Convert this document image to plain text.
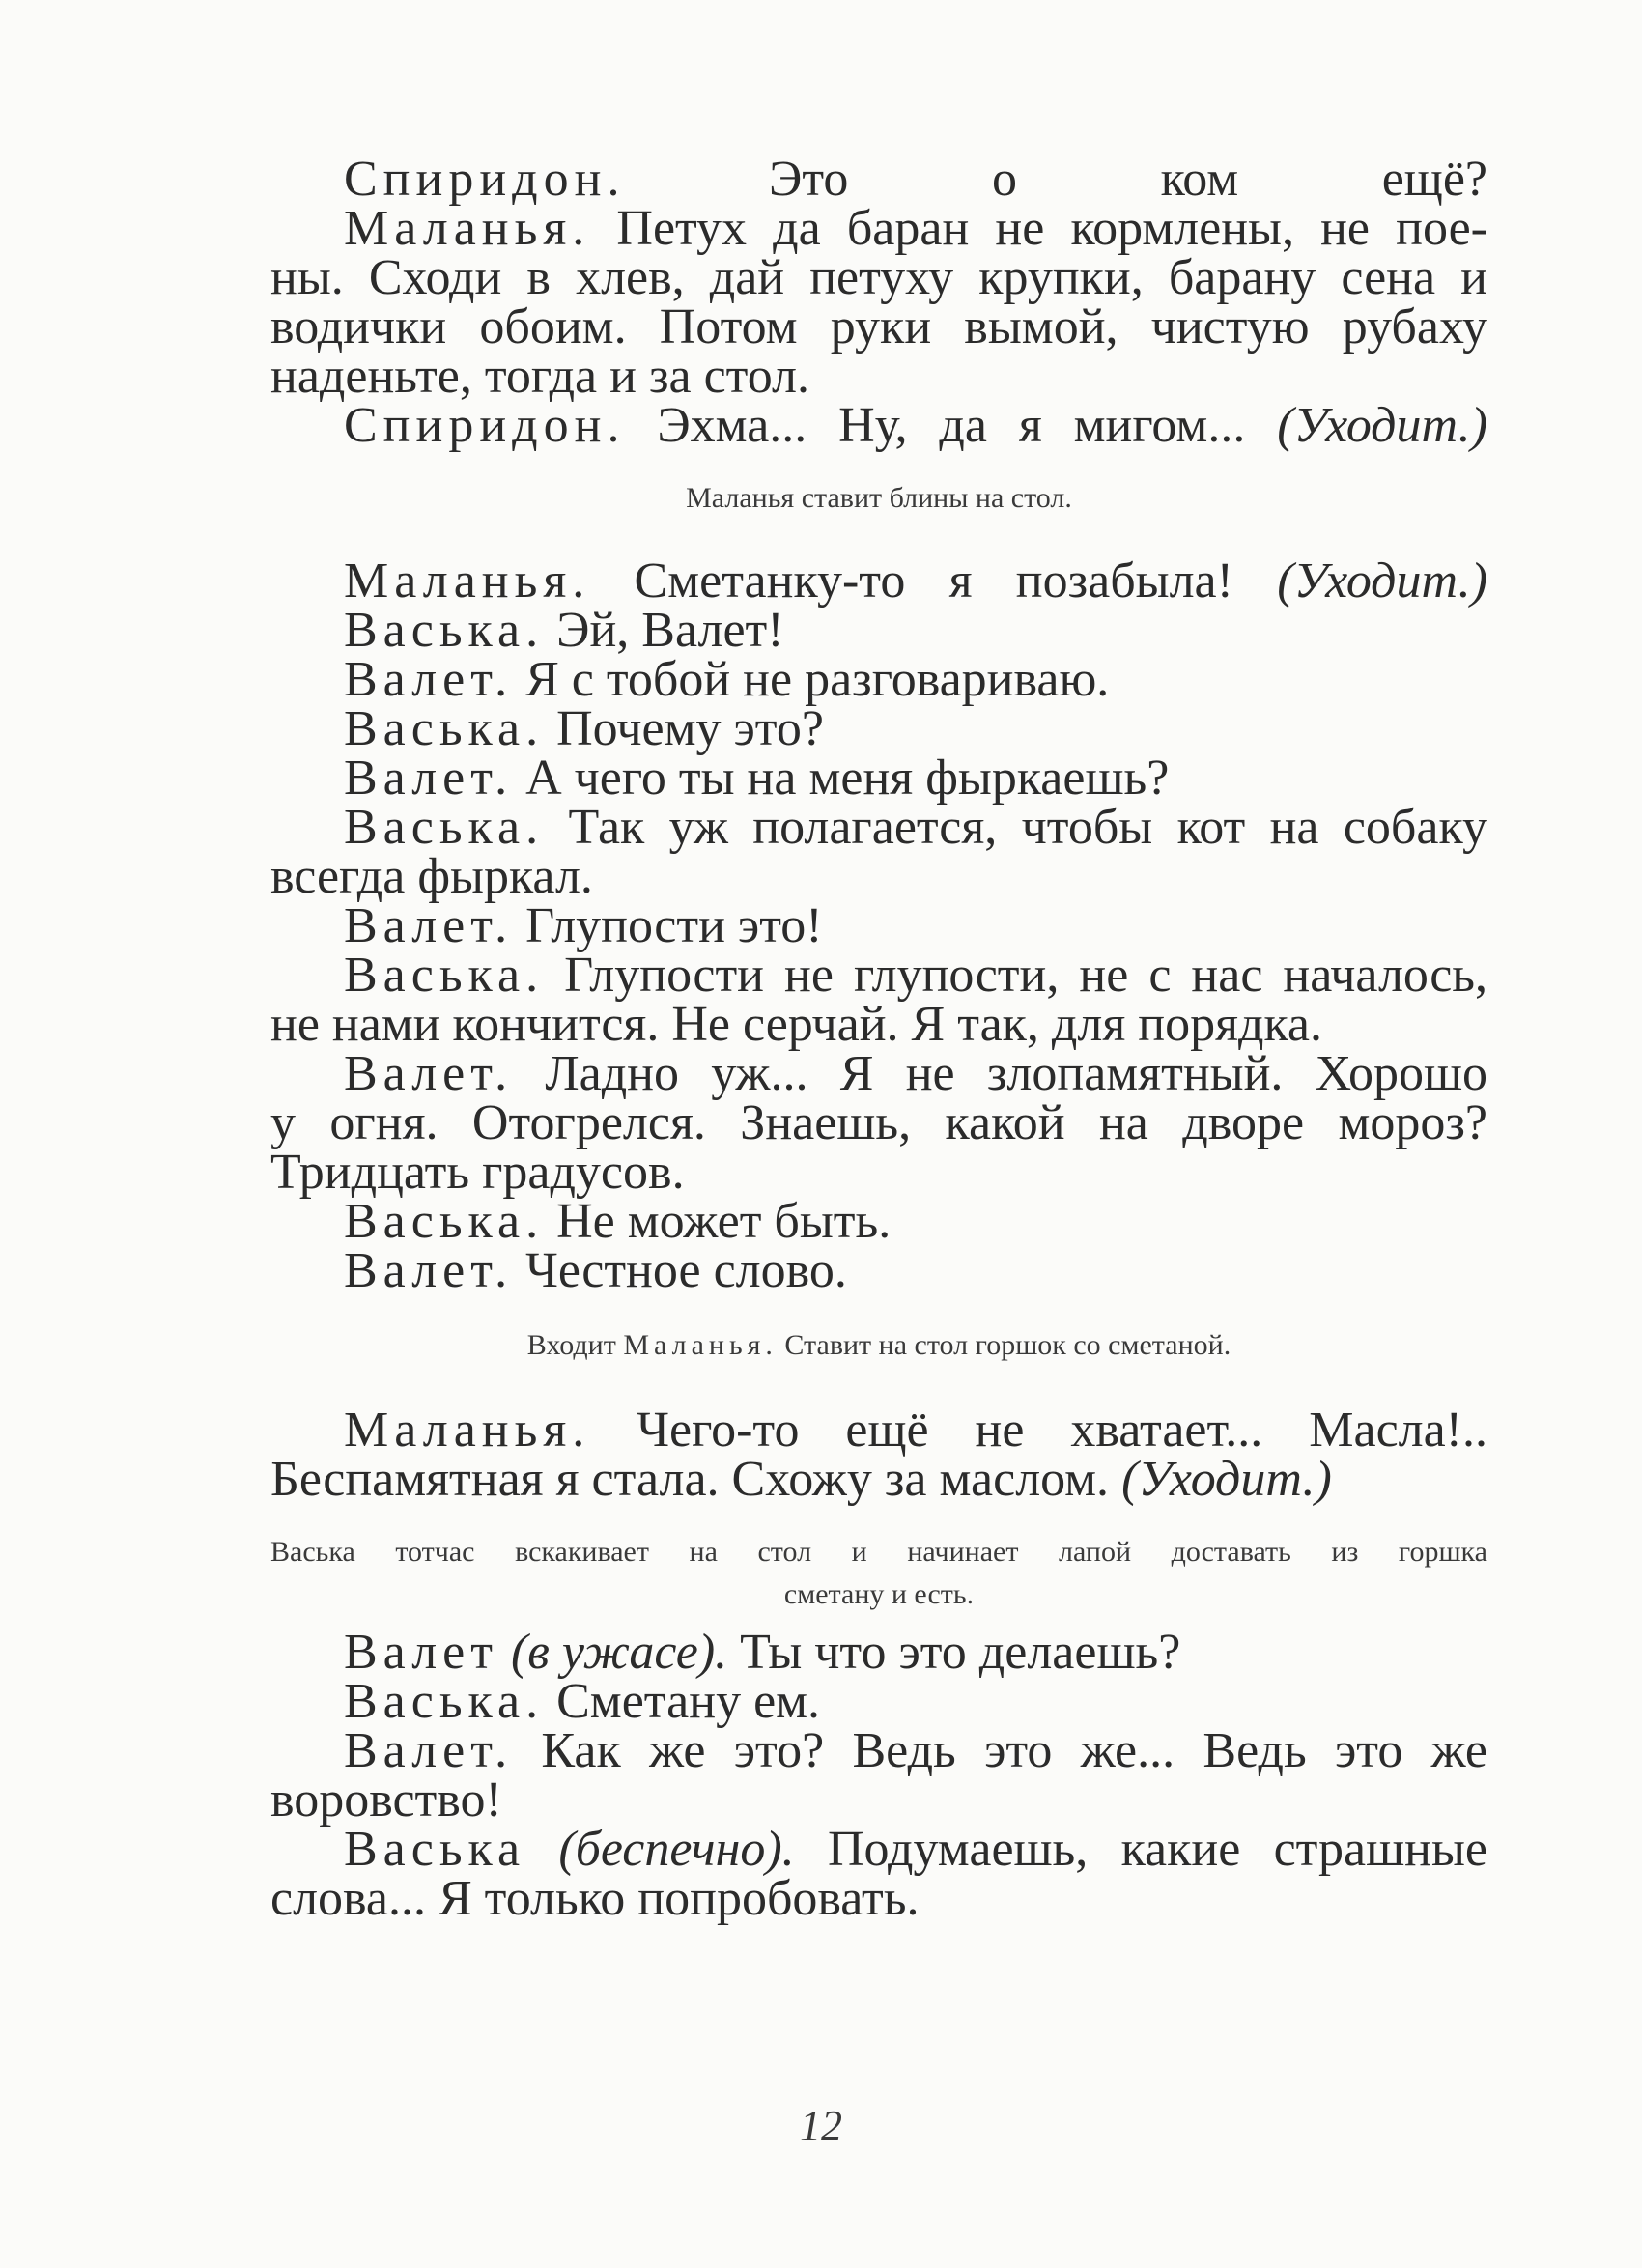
Спиридон. Это о ком ещё?
Маланья. Петух да баран не кормлены, не пое-
ны. Сходи в хлев, дай петуху крупки, барану сена и
водички обоим. Потом руки вымой, чистую рубаху
наденьте, тогда и за стол.
Спиридон. Эхма... Ну, да я мигом... (Уходит.)
Маланья ставит блины на стол.
Маланья. Сметанку-то я позабыла! (Уходит.)
Васька. Эй, Валет!
Валет. Я с тобой не разговариваю.
Васька. Почему это?
Валет. А чего ты на меня фыркаешь?
Васька. Так уж полагается, чтобы кот на собаку
всегда фыркал.
Валет. Глупости это!
Васька. Глупости не глупости, не с нас началось,
не нами кончится. Не серчай. Я так, для порядка.
Валет. Ладно уж... Я не злопамятный. Хорошо
у огня. Отогрелся. Знаешь, какой на дворе мороз?
Тридцать градусов.
Васька. Не может быть.
Валет. Честное слово.
Входит Маланья. Ставит на стол горшок со сметаной.
Маланья. Чего-то ещё не хватает... Масла!..
Беспамятная я стала. Схожу за маслом. (Уходит.)
Васька тотчас вскакивает на стол и начинает лапой доставать из горшка
сметану и есть.
Валет (в ужасе). Ты что это делаешь?
Васька. Сметану ем.
Валет. Как же это? Ведь это же... Ведь это же
воровство!
Васька (беспечно). Подумаешь, какие страшные
слова... Я только попробовать.
12
